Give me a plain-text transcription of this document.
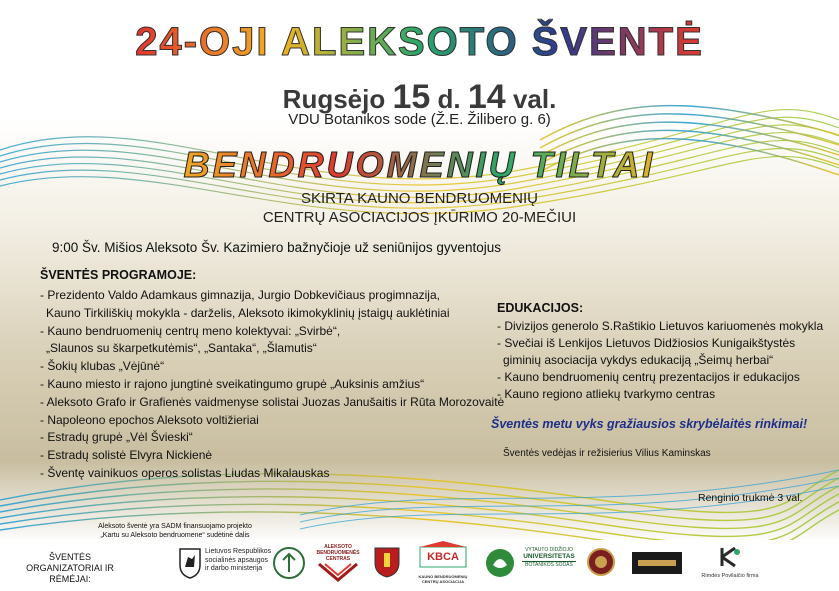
24-OJI ALEKSOTO ŠVENTĖ
Rugsėjo 15 d. 14 val.
VDU Botanikos sode (Ž.E. Žilibero g. 6)
BENDRUOMENIŲ TILTAI
SKIRTA KAUNO BENDRUOMENIŲ
CENTRŲ ASOCIACIJOS ĮKŪRIMO 20-MEČIUI
9:00 Šv. Mišios Aleksoto Šv. Kazimiero bažnyčioje už seniūnijos gyventojus
ŠVENTĖS PROGRAMOJE:
- Prezidento Valdo Adamkaus gimnazija, Jurgio Dobkevičiaus progimnazija,
Kauno Tirkiliškių mokykla - darželis, Aleksoto ikimokyklinių įstaigų auklėtiniai
- Kauno bendruomenių centrų meno kolektyvai: „Svirbė“,
„Slaunos su škarpetkutėmis“, „Santaka“, „Šlamutis“
- Šokių klubas „Vėjūnė“
- Kauno miesto ir rajono jungtinė sveikatingumo grupė „Auksinis amžius“
- Aleksoto Grafo ir Grafienės vaidmenyse solistai Juozas Janušaitis ir Rūta Morozovaitė
- Napoleono epochos Aleksoto voltižieriai
- Estradų grupė „Vėl Švieski“
- Estradų solistė Elvyra Nickienė
- Šventę vainikuos operos solistas Liudas Mikalauskas
EDUKACIJOS:
- Divizijos generolo S.Raštikio Lietuvos kariuomenės mokykla
- Svečiai iš Lenkijos Lietuvos Didžiosios Kunigaikštystės
giminių asociacija vykdys edukaciją „Šeimų herbai“
- Kauno bendruomenių centrų prezentacijos ir edukacijos
- Kauno regiono atliekų tvarkymo centras
Šventės metu vyks gražiausios skrybėlaitės rinkimai!
Šventės vedėjas ir režisierius Vilius Kaminskas
Renginio trukmė 3 val.
Aleksoto šventė yra SADM finansuojamo projekto
„Kartu su Aleksoto bendruomene“ sudėtinė dalis
ŠVENTĖS
ORGANIZATORIAI IR RĖMĖJAI:
Lietuvos Respublikos
socialinės apsaugos
ir darbo ministerija
ALEKSOTO BENDRUOMENĖS CENTRAS	KBCA
KAUNO BENDRUOMENIŲ CENTRŲ ASOCIACIJA
VYTAUTO DIDŽIOJO
UNIVERSITETAS
BOTANIKOS SODAS
Rimdės Povilaičio firma
